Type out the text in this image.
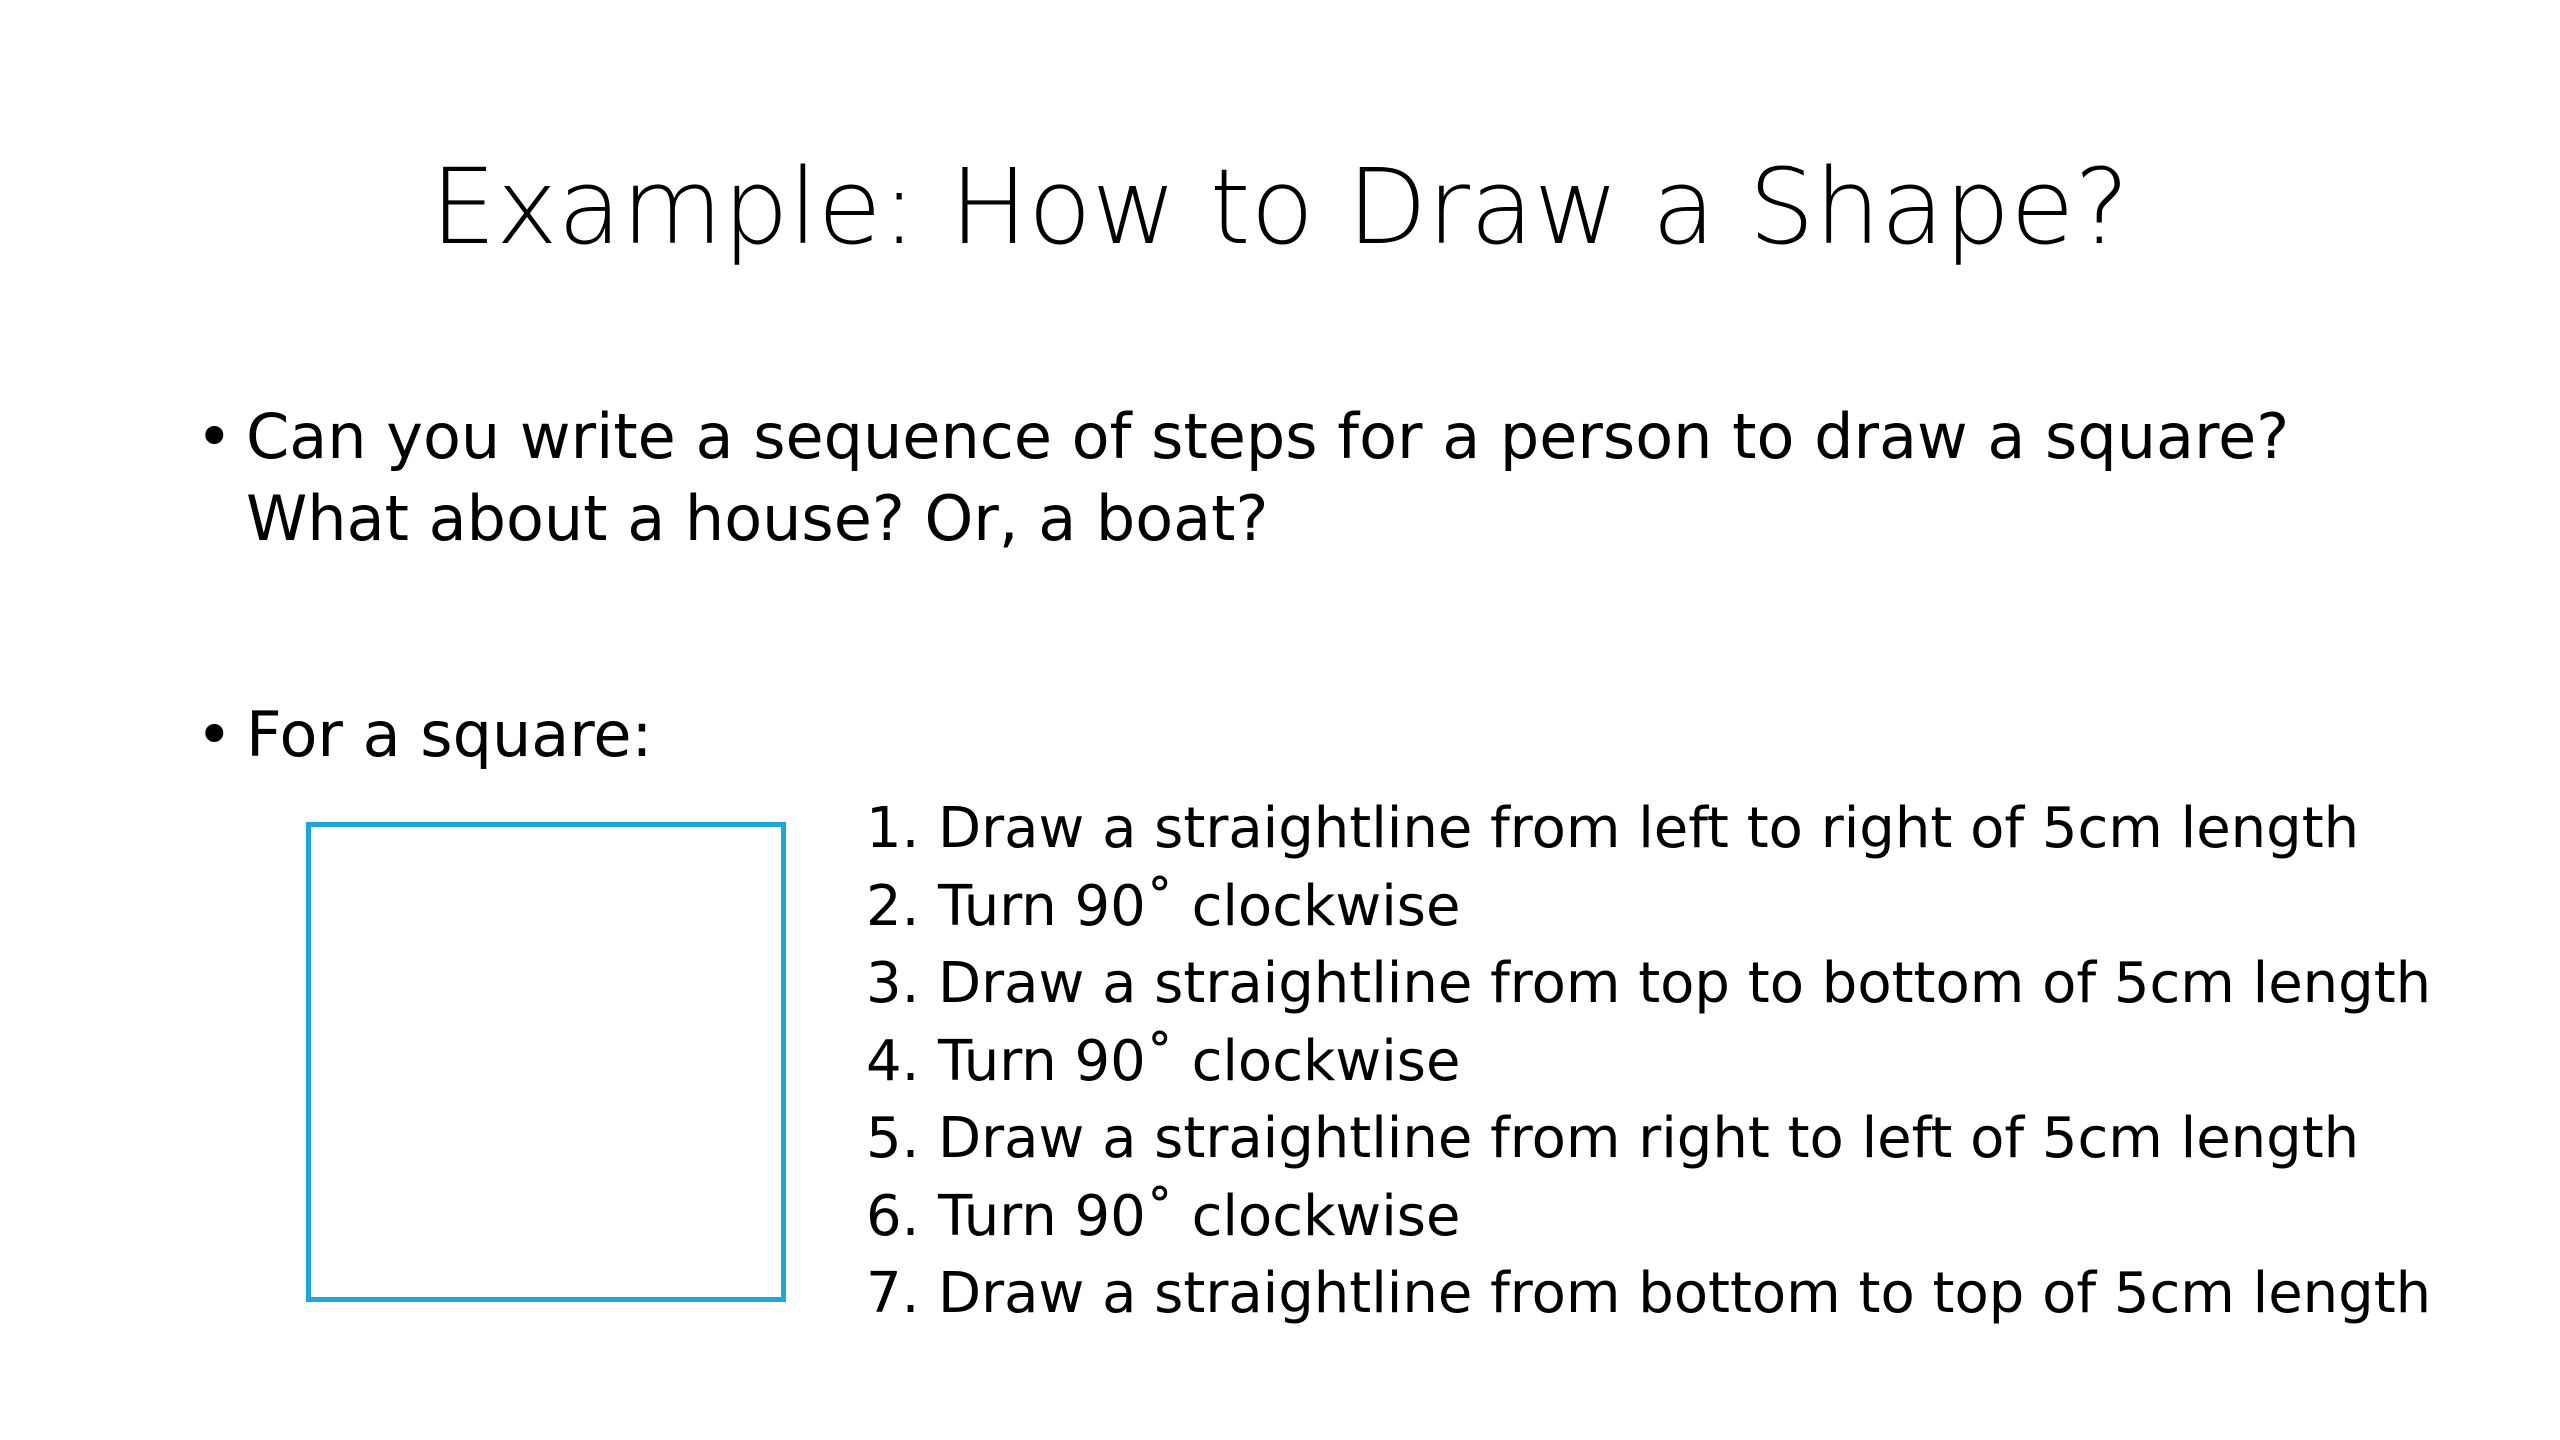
Example: How to Draw a Shape?
• Can you write a sequence of steps for a person to draw a square?
What about a house? Or, a boat?
• For a square:
1. Draw a straightline from left to right of 5cm length
2. Turn 90˚ clockwise
3. Draw a straightline from top to bottom of 5cm length
4. Turn 90˚ clockwise
5. Draw a straightline from right to left of 5cm length
6. Turn 90˚ clockwise
7. Draw a straightline from bottom to top of 5cm length
